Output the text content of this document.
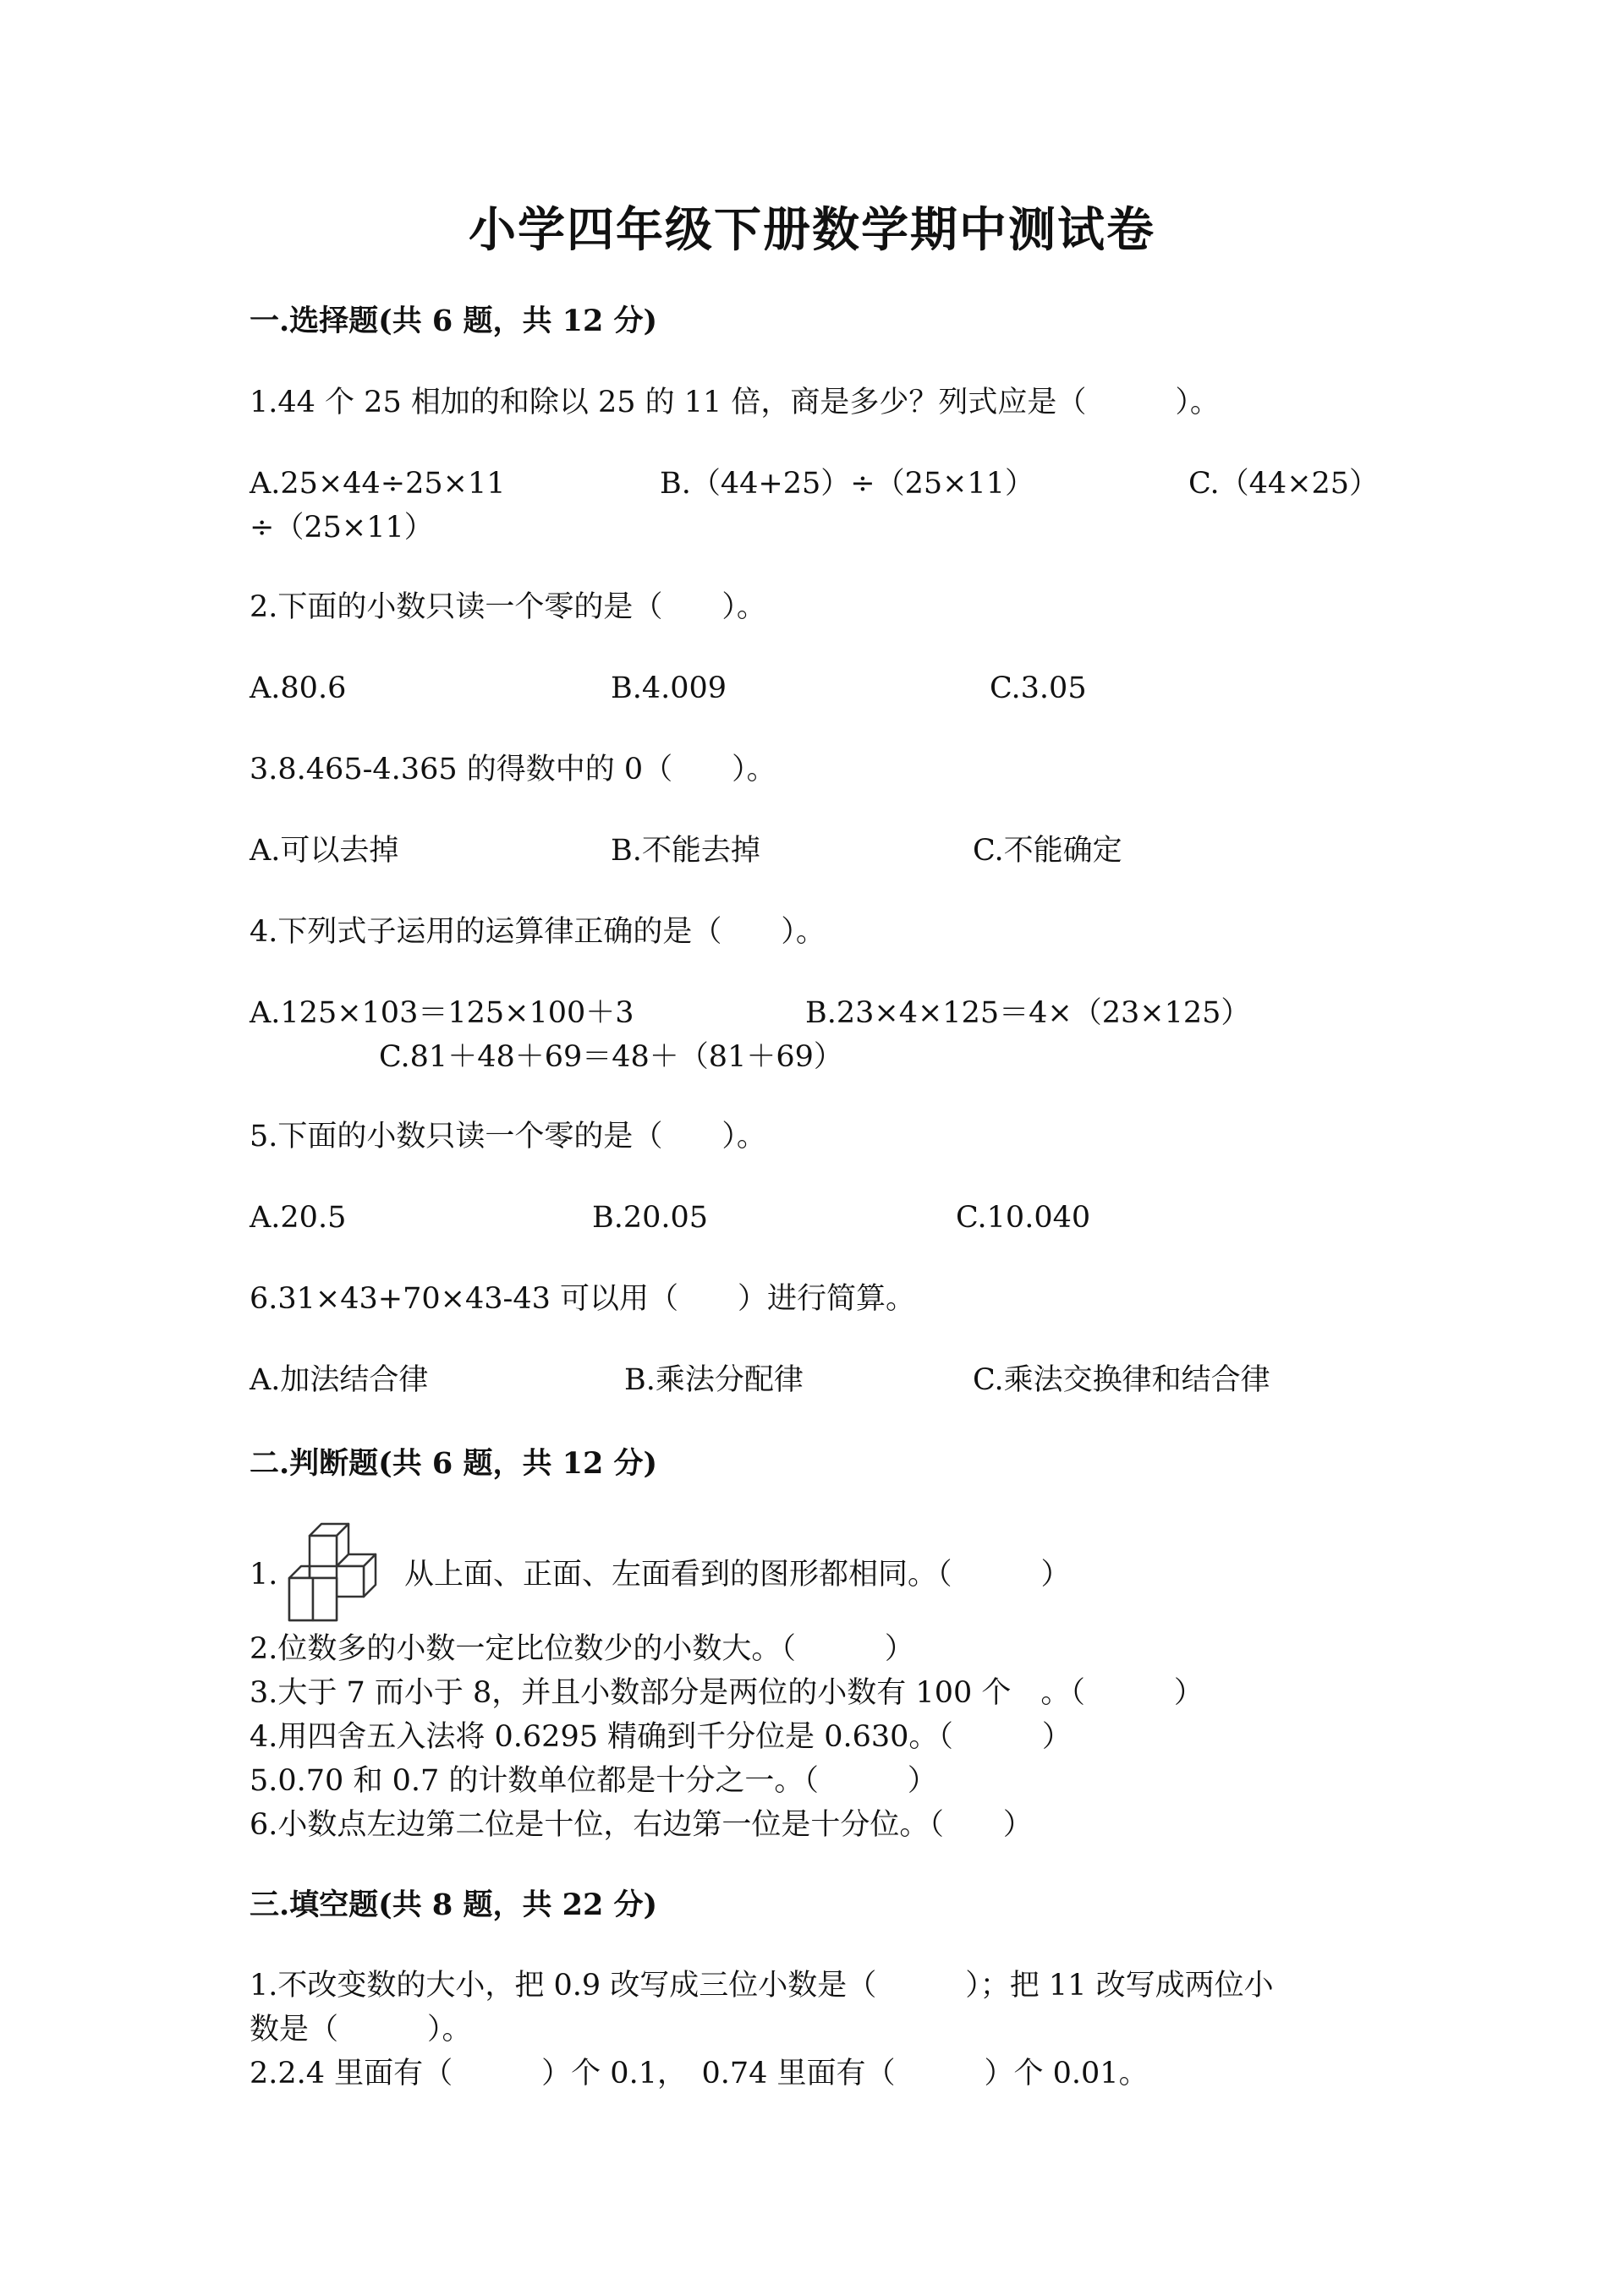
小学四年级下册数学期中测试卷
一.选择题(共 6 题，共 12 分)
1.44 个 25 相加的和除以 25 的 11 倍，商是多少？列式应是（　　　）。
A.25×44÷25×11	B.（44+25）÷（25×11）	C.（44×25）
÷（25×11）
2.下面的小数只读一个零的是（　　）。
A.80.6	B.4.009	C.3.05
3.8.465-4.365 的得数中的 0（　　）。
A.可以去掉	B.不能去掉	C.不能确定
4.下列式子运用的运算律正确的是（　　）。
A.125×103＝125×100＋3	B.23×4×125＝4×（23×125）
C.81＋48＋69＝48＋（81＋69）
5.下面的小数只读一个零的是（　　）。
A.20.5	B.20.05	C.10.040
6.31×43+70×43-43 可以用（　　）进行简算。
A.加法结合律	B.乘法分配律	C.乘法交换律和结合律
二.判断题(共 6 题，共 12 分)
1.	从上面、正面、左面看到的图形都相同。（　　　）
2.位数多的小数一定比位数少的小数大。（　　　）
3.大于 7 而小于 8，并且小数部分是两位的小数有 100 个　。（　　　）
4.用四舍五入法将 0.6295 精确到千分位是 0.630。（　　　）
5.0.70 和 0.7 的计数单位都是十分之一。（　　　）
6.小数点左边第二位是十位，右边第一位是十分位。（　　）
三.填空题(共 8 题，共 22 分)
1.不改变数的大小，把 0.9 改写成三位小数是（　　　）；把 11 改写成两位小
数是（　　　）。
2.2.4 里面有（　　　）个 0.1，　0.74 里面有（　　　）个 0.01。
